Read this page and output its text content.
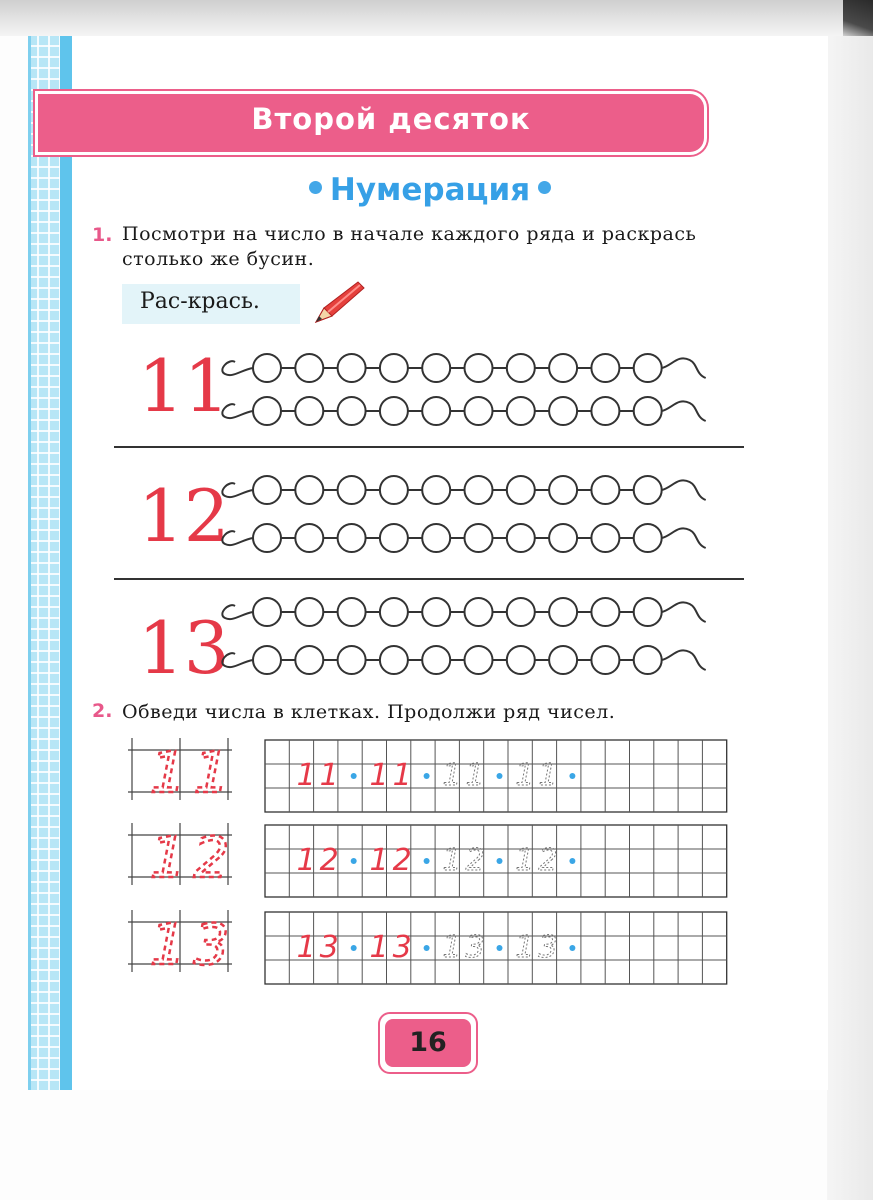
Второй десяток
Нумерация
1. Посмотри на число в начале каждого ряда и раскрась
столько же бусин.
Рас-крась.
11
12
13
2. Обведи числа в клетках. Продолжи ряд чисел.
11 11 11 11 11
12 12 12 12 12
13 13 13 13 13
16
